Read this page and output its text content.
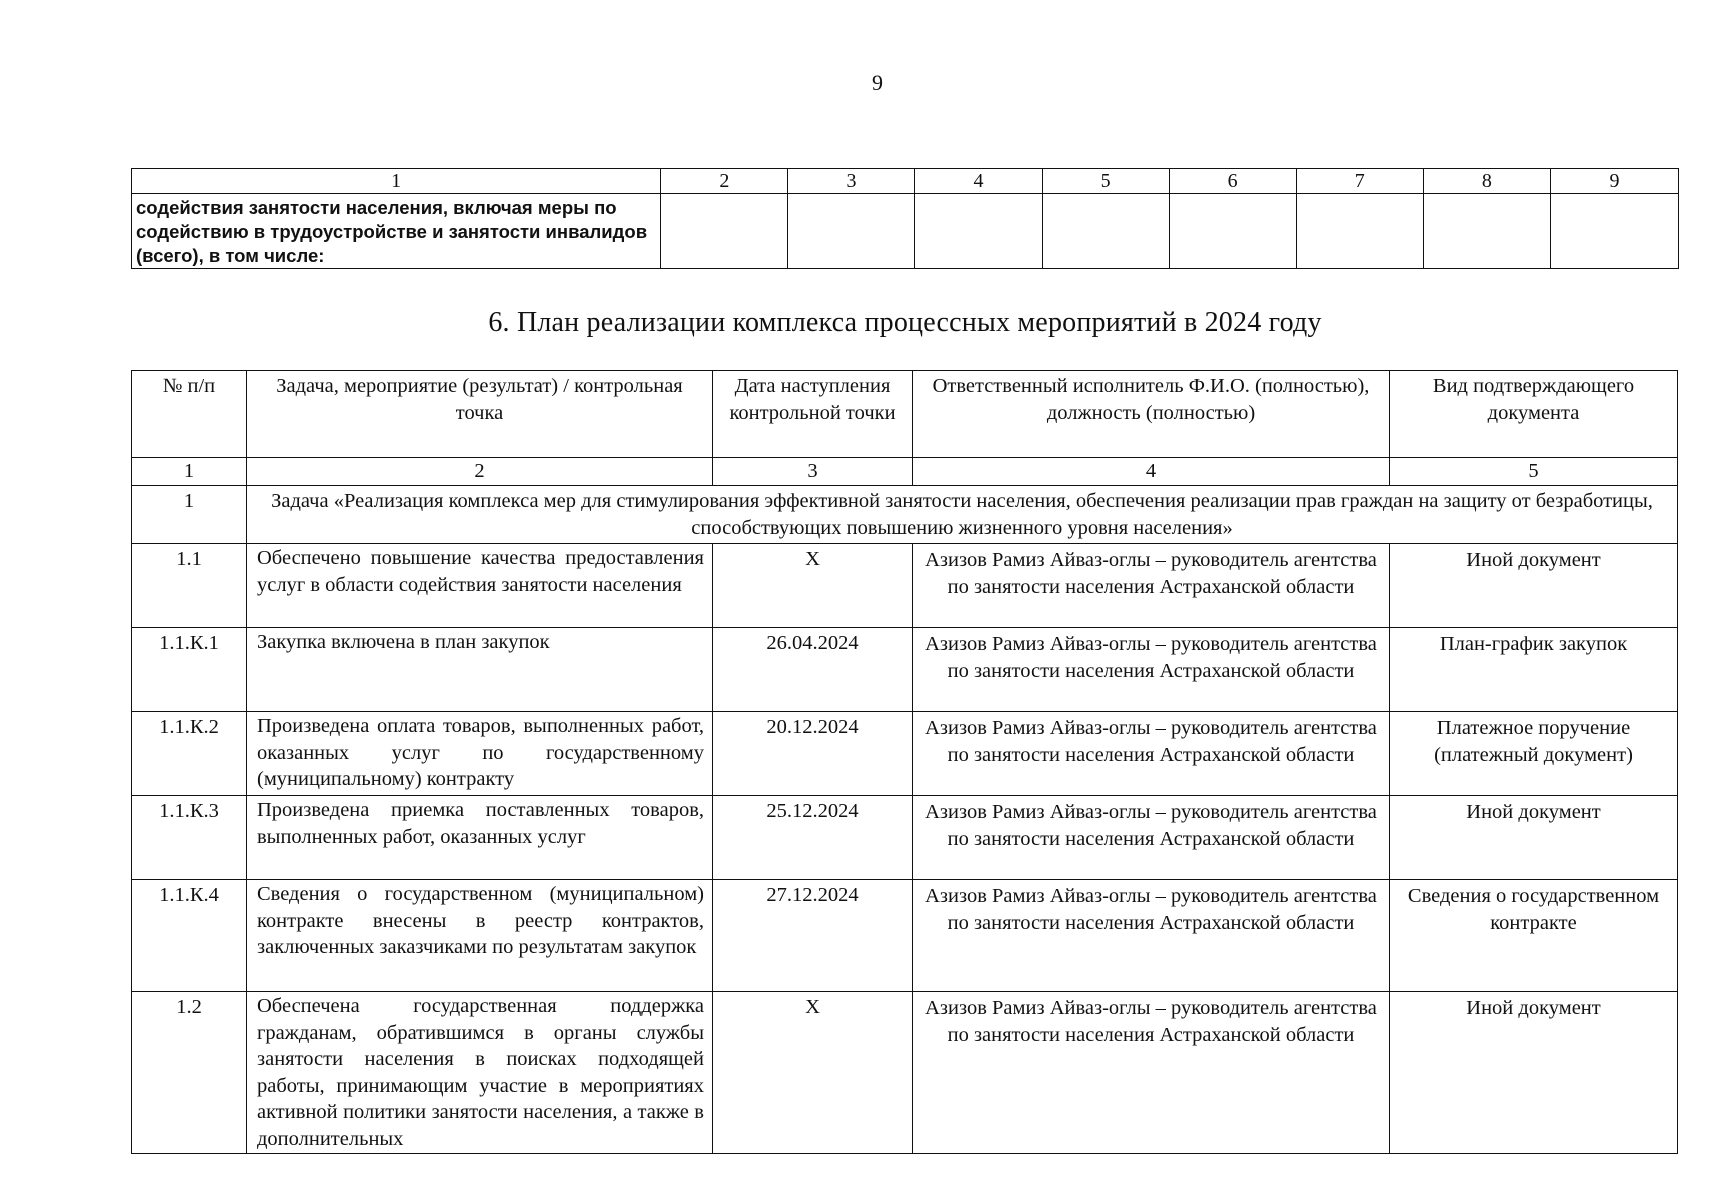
9
1	2	3	4	5	6	7	8	9
содействия занятости населения, включая меры по содействию в трудоустройстве и занятости инвалидов (всего), в том числе:								
6. План реализации комплекса процессных мероприятий в 2024 году
№ п/п	Задача, мероприятие (результат) / контрольная точка	Дата наступления контрольной точки	Ответственный исполнитель Ф.И.О. (полностью), должность (полностью)	Вид подтверждающего документа
1	2	3	4	5
1	Задача «Реализация комплекса мер для стимулирования эффективной занятости населения, обеспечения реализации прав граждан на защиту от безработицы, способствующих повышению жизненного уровня населения»			
1.1	Обеспечено повышение качества предоставления услуг в области содействия занятости населения	Х	Азизов Рамиз Айваз-оглы – руководитель агентства по занятости населения Астраханской области	Иной документ
1.1.К.1	Закупка включена в план закупок	26.04.2024	Азизов Рамиз Айваз-оглы – руководитель агентства по занятости населения Астраханской области	План-график закупок
1.1.К.2	Произведена оплата товаров, выполненных работ, оказанных услуг по государственному (муниципальному) контракту	20.12.2024	Азизов Рамиз Айваз-оглы – руководитель агентства по занятости населения Астраханской области	Платежное поручение (платежный документ)
1.1.К.3	Произведена приемка поставленных товаров, выполненных работ, оказанных услуг	25.12.2024	Азизов Рамиз Айваз-оглы – руководитель агентства по занятости населения Астраханской области	Иной документ
1.1.К.4	Сведения о государственном (муниципальном) контракте внесены в реестр контрактов, заключенных заказчиками по результатам закупок	27.12.2024	Азизов Рамиз Айваз-оглы – руководитель агентства по занятости населения Астраханской области	Сведения о государственном контракте
1.2	Обеспечена государственная поддержка гражданам, обратившимся в органы службы занятости населения в поисках подходящей работы, принимающим участие в мероприятиях активной политики занятости населения, а также в дополнительных	Х	Азизов Рамиз Айваз-оглы – руководитель агентства по занятости населения Астраханской области	Иной документ
